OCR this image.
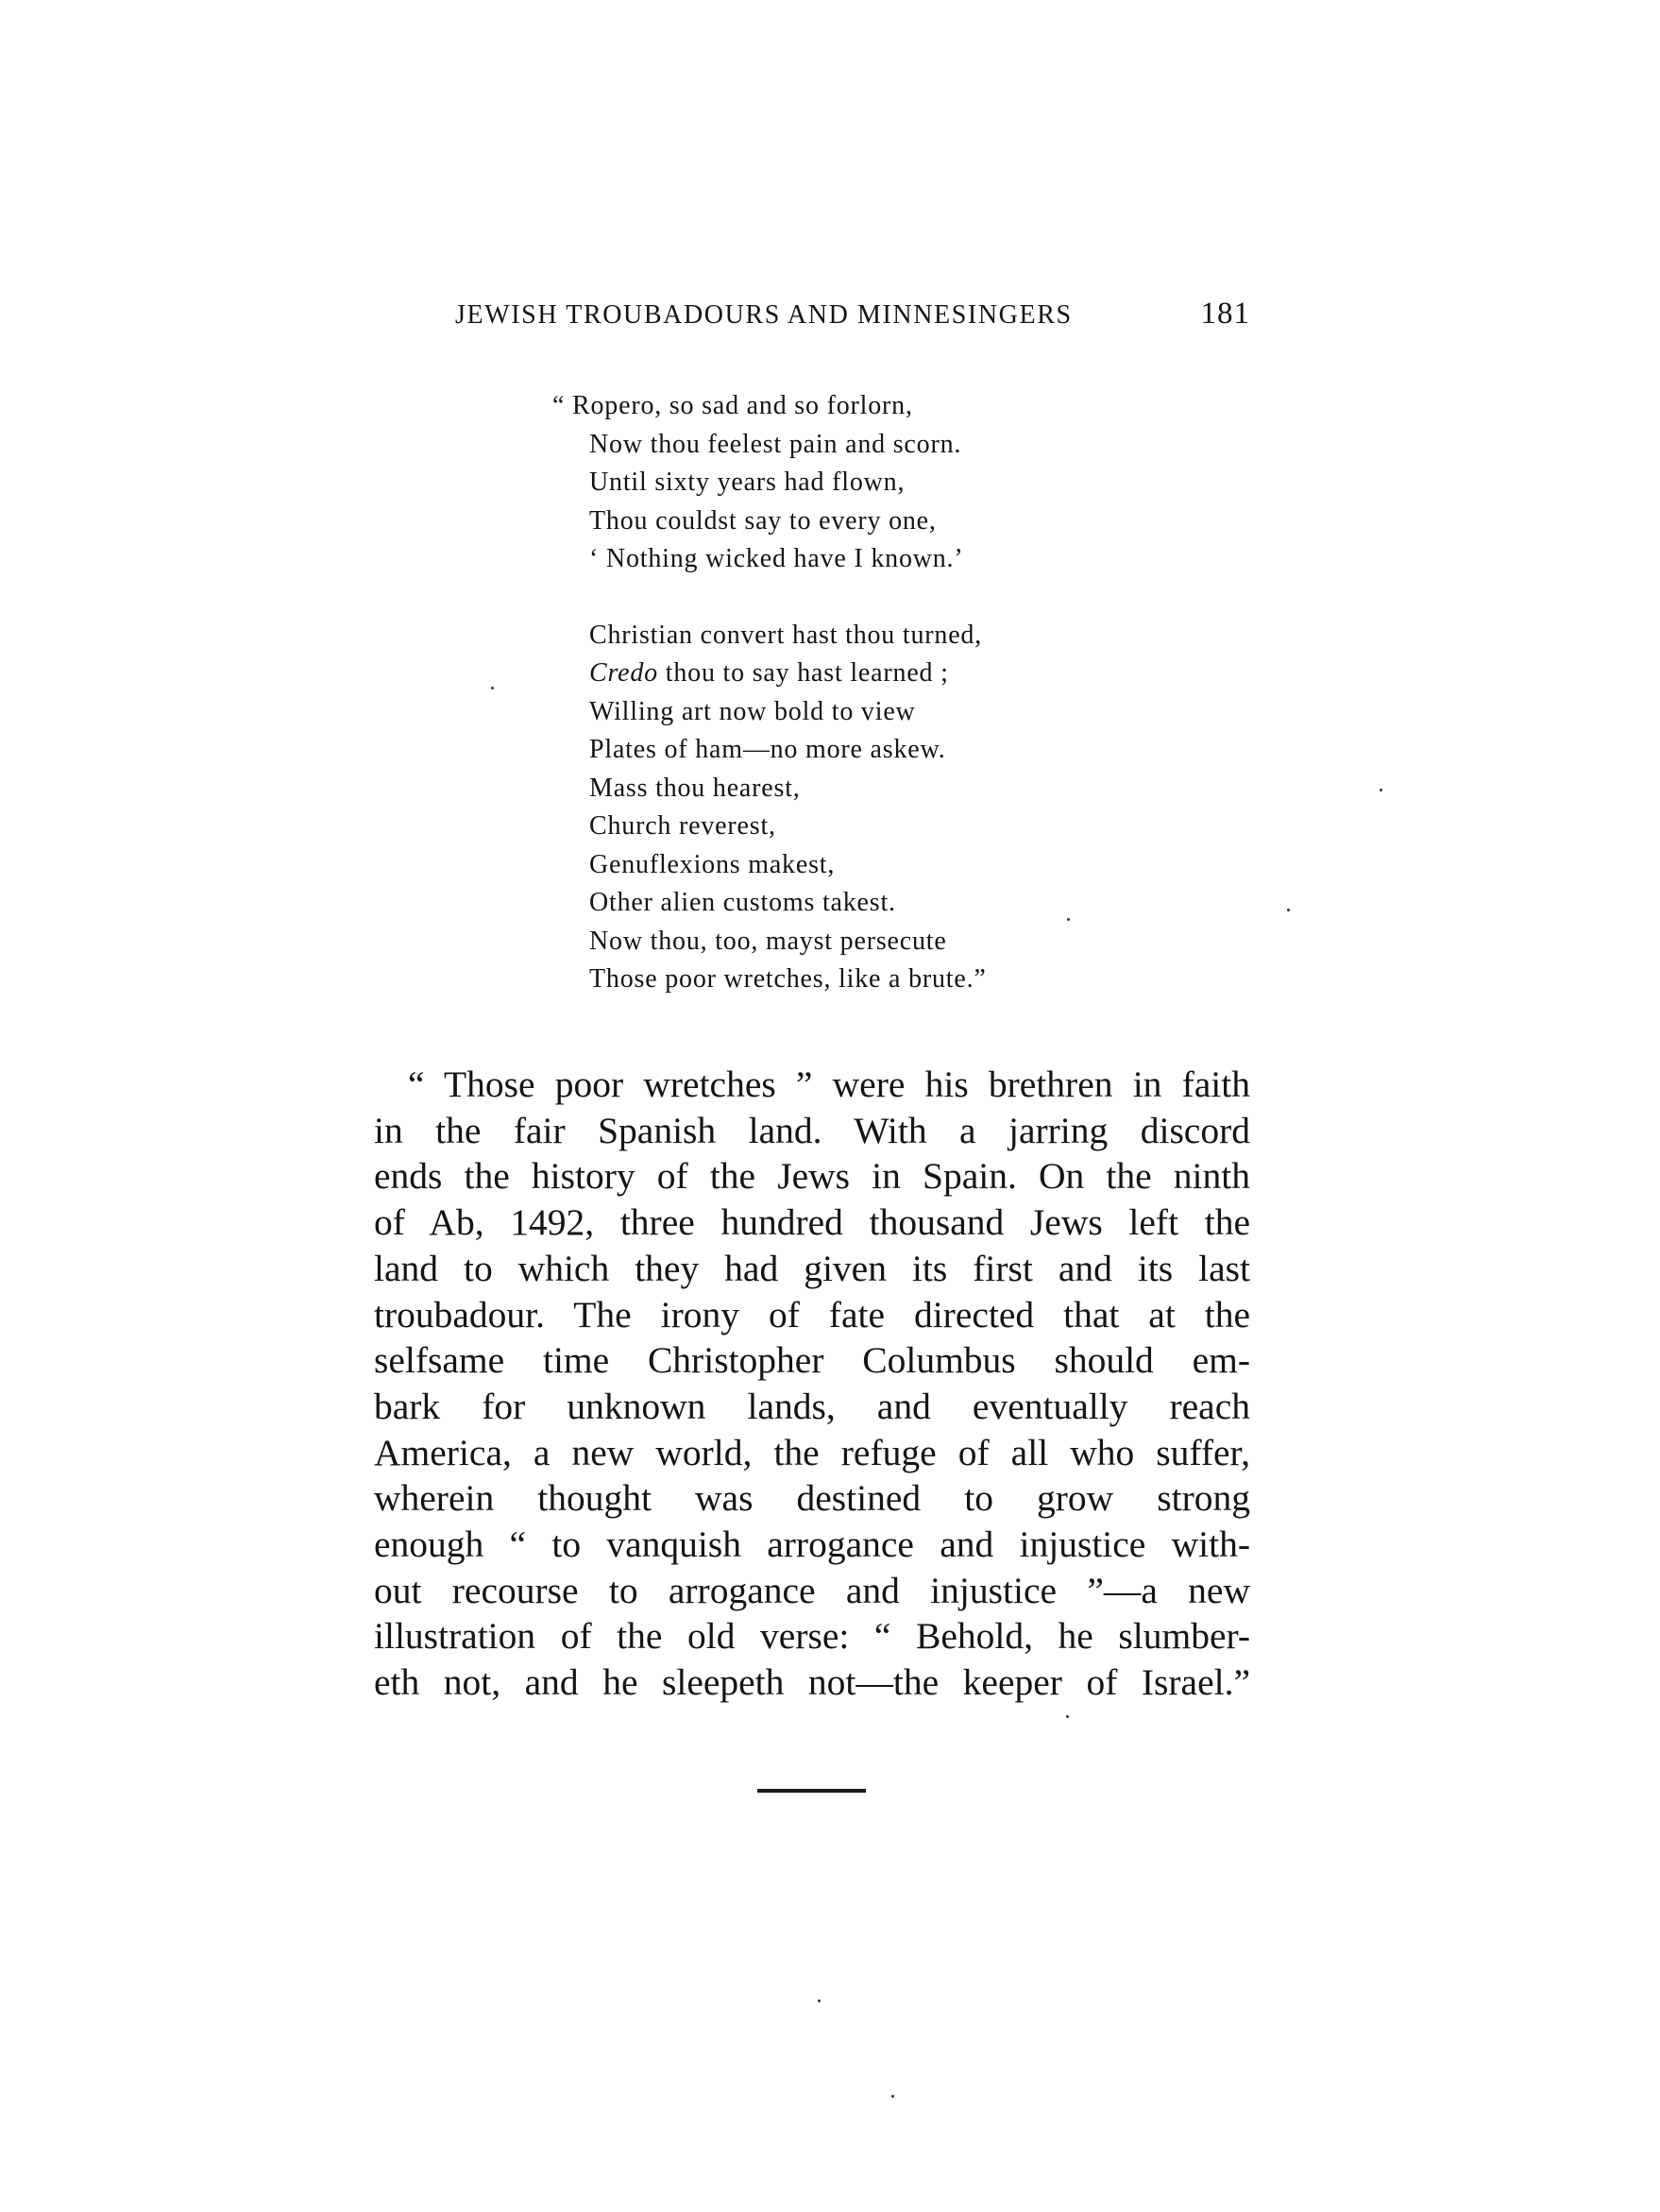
JEWISH TROUBADOURS AND MINNESINGERS	181
“ Ropero, so sad and so forlorn,
Now thou feelest pain and scorn.
Until sixty years had flown,
Thou couldst say to every one,
‘ Nothing wicked have I known.’
Christian convert hast thou turned,
Credo thou to say hast learned ;
Willing art now bold to view
Plates of ham—no more askew.
Mass thou hearest,
Church reverest,
Genuflexions makest,
Other alien customs takest.
Now thou, too, mayst persecute
Those poor wretches, like a brute.”
“ Those poor wretches ” were his brethren in faith
in the fair Spanish land. With a jarring discord
ends the history of the Jews in Spain. On the ninth
of Ab, 1492, three hundred thousand Jews left the
land to which they had given its first and its last
troubadour. The irony of fate directed that at the
selfsame time Christopher Columbus should em-
bark for unknown lands, and eventually reach
America, a new world, the refuge of all who suffer,
wherein thought was destined to grow strong
enough “ to vanquish arrogance and injustice with-
out recourse to arrogance and injustice ”—a new
illustration of the old verse: “ Behold, he slumber-
eth not, and he sleepeth not—the keeper of Israel.”
